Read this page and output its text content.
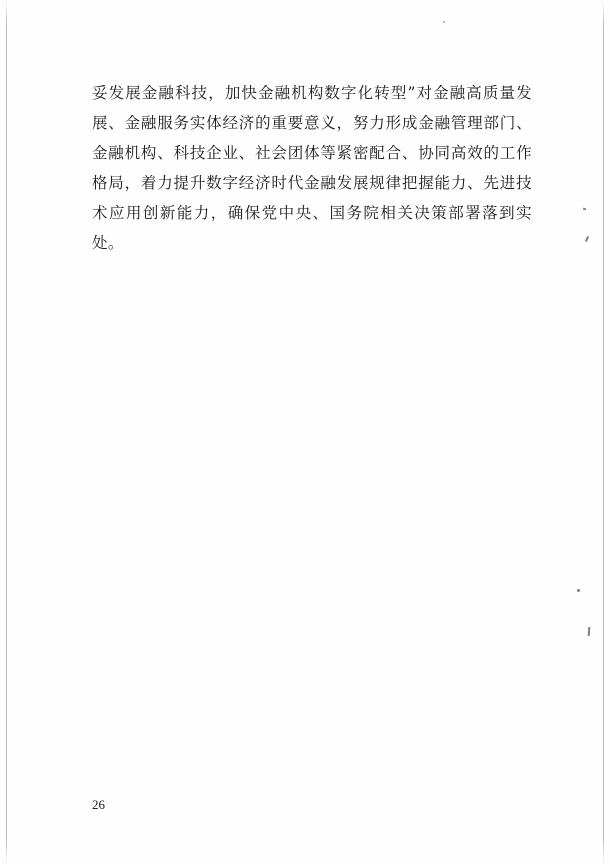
妥发展金融科技，加快金融机构数字化转型”对金融高质量发展、金融服务实体经济的重要意义，努力形成金融管理部门、金融机构、科技企业、社会团体等紧密配合、协同高效的工作格局，着力提升数字经济时代金融发展规律把握能力、先进技术应用创新能力，确保党中央、国务院相关决策部署落到实处。

26
